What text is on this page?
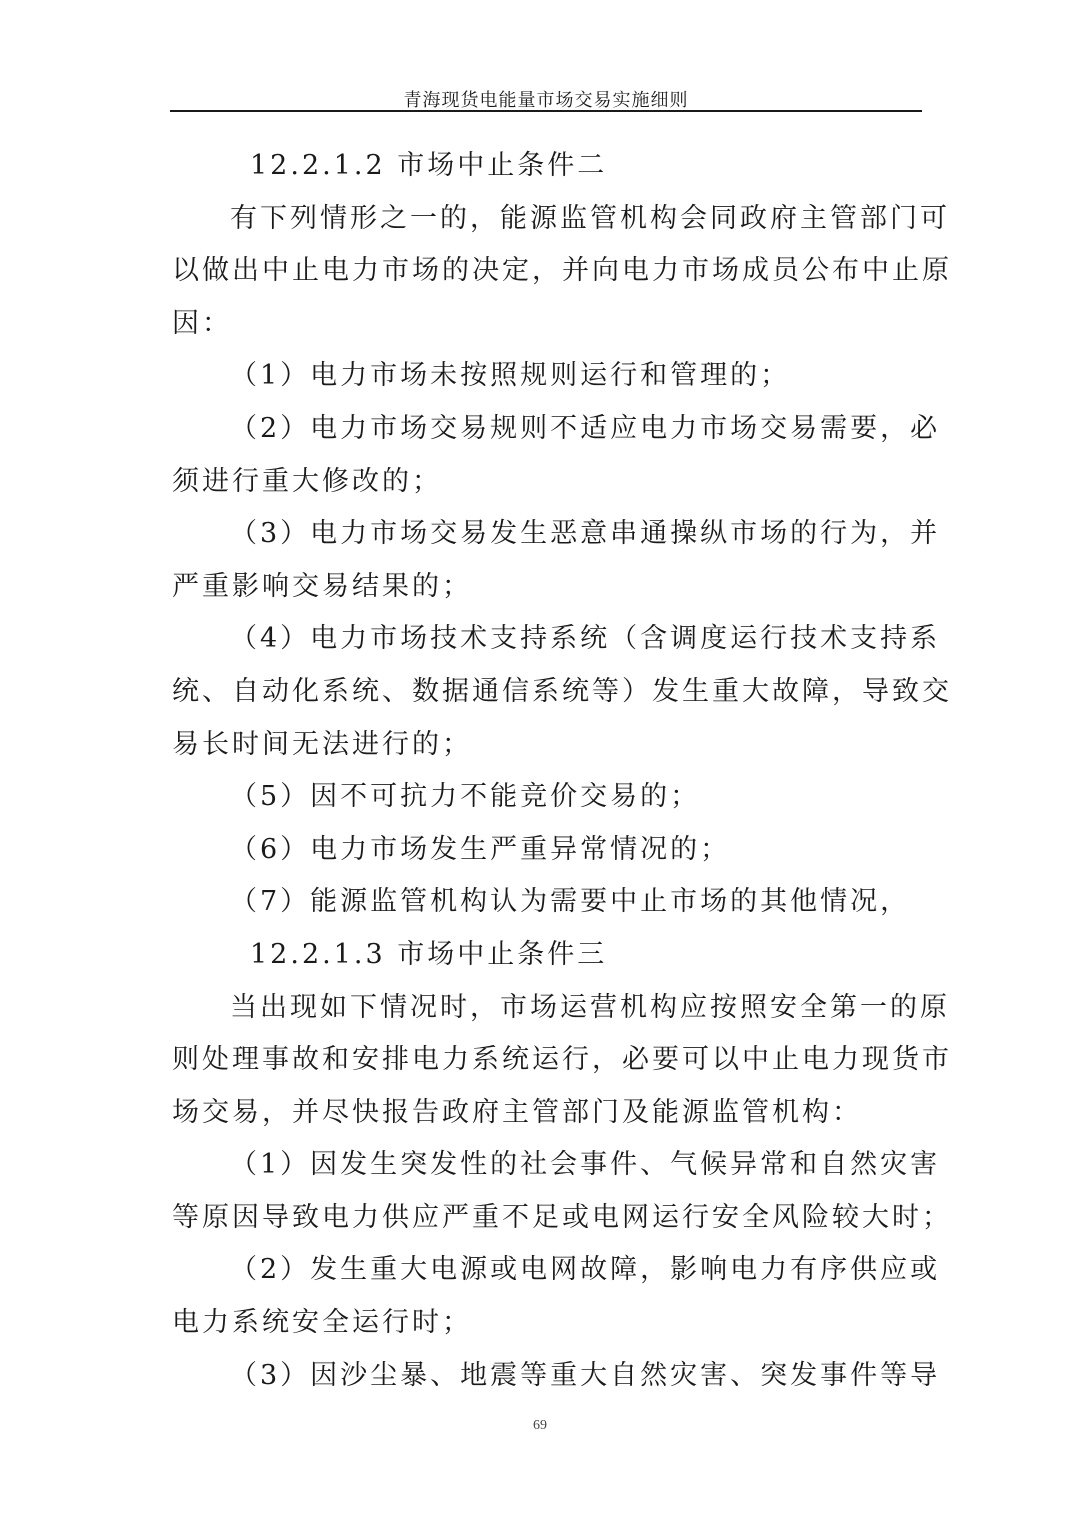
青海现货电能量市场交易实施细则
12.2.1.2 市场中止条件二
有下列情形之一的，能源监管机构会同政府主管部门可
以做出中止电力市场的决定，并向电力市场成员公布中止原
因：
（1）电力市场未按照规则运行和管理的；
（2）电力市场交易规则不适应电力市场交易需要，必
须进行重大修改的；
（3）电力市场交易发生恶意串通操纵市场的行为，并
严重影响交易结果的；
（4）电力市场技术支持系统（含调度运行技术支持系
统、自动化系统、数据通信系统等）发生重大故障，导致交
易长时间无法进行的；
（5）因不可抗力不能竞价交易的；
（6）电力市场发生严重异常情况的；
（7）能源监管机构认为需要中止市场的其他情况，
12.2.1.3 市场中止条件三
当出现如下情况时，市场运营机构应按照安全第一的原
则处理事故和安排电力系统运行，必要可以中止电力现货市
场交易，并尽快报告政府主管部门及能源监管机构：
（1）因发生突发性的社会事件、气候异常和自然灾害
等原因导致电力供应严重不足或电网运行安全风险较大时；
（2）发生重大电源或电网故障，影响电力有序供应或
电力系统安全运行时；
（3）因沙尘暴、地震等重大自然灾害、突发事件等导
69
